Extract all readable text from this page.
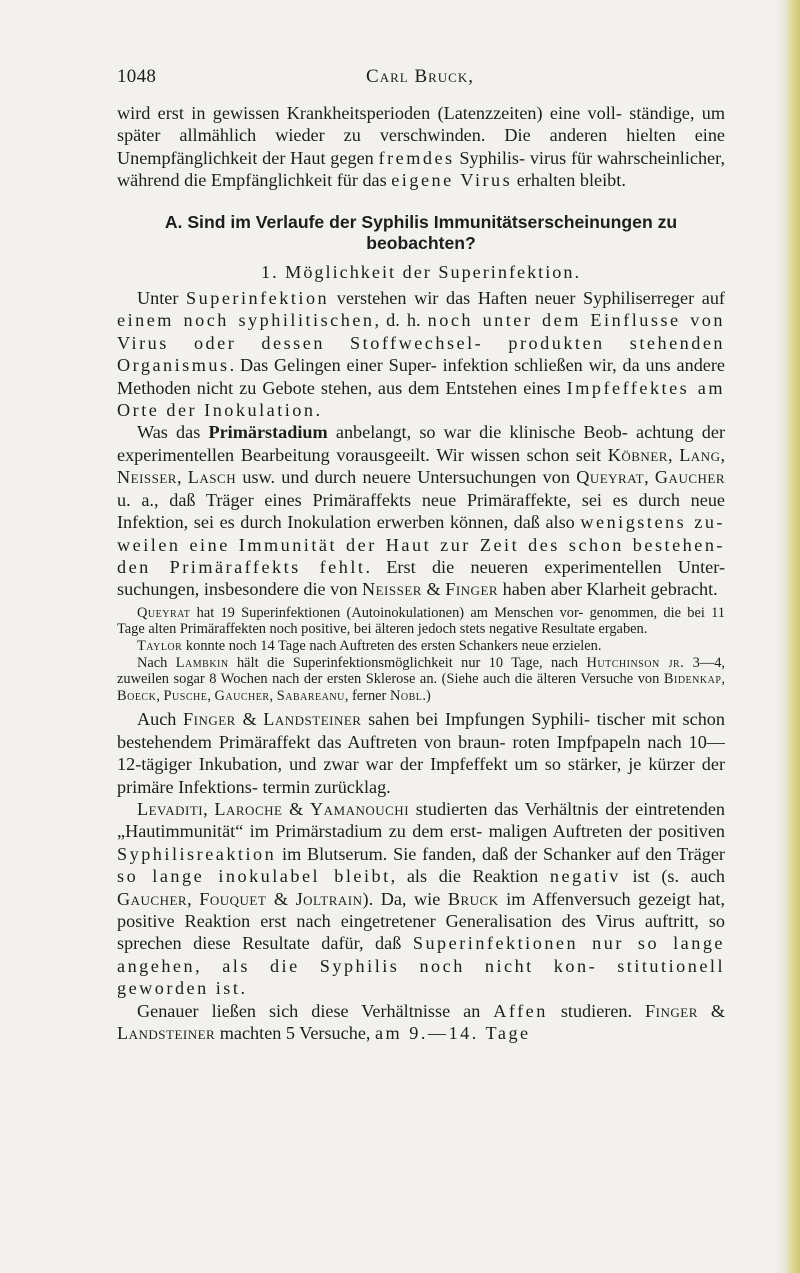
1048	Carl Bruck,

wird erst in gewissen Krankheitsperioden (Latenzzeiten) eine voll- ständige, um später allmählich wieder zu verschwinden. Die anderen hielten eine Unempfänglichkeit der Haut gegen fremdes Syphilis- virus für wahrscheinlicher, während die Empfänglichkeit für das eigene Virus erhalten bleibt.

A. Sind im Verlaufe der Syphilis Immunitätserscheinungen zu beobachten?
1. Möglichkeit der Superinfektion.

Unter Superinfektion verstehen wir das Haften neuer Syphiliserreger auf einem noch syphilitischen, d. h. noch unter dem Einflusse von Virus oder dessen Stoffwechsel- produkten stehenden Organismus. Das Gelingen einer Super- infektion schließen wir, da uns andere Methoden nicht zu Gebote stehen, aus dem Entstehen eines Impfeffektes am Orte der Inokulation.

Was das Primärstadium anbelangt, so war die klinische Beob- achtung der experimentellen Bearbeitung vorausgeeilt. Wir wissen schon seit Köbner, Lang, Neisser, Lasch usw. und durch neuere Untersuchungen von Queyrat, Gaucher u. a., daß Träger eines Primäraffekts neue Primäraffekte, sei es durch neue Infektion, sei es durch Inokulation erwerben können, daß also wenigstens zu- weilen eine Immunität der Haut zur Zeit des schon bestehen- den Primäraffekts fehlt. Erst die neueren experimentellen Unter- suchungen, insbesondere die von Neisser & Finger haben aber Klarheit gebracht.

Queyrat hat 19 Superinfektionen (Autoinokulationen) am Menschen vor- genommen, die bei 11 Tage alten Primäraffekten noch positive, bei älteren jedoch stets negative Resultate ergaben.

Taylor konnte noch 14 Tage nach Auftreten des ersten Schankers neue erzielen.

Nach Lambkin hält die Superinfektionsmöglichkeit nur 10 Tage, nach Hutchinson jr. 3—4, zuweilen sogar 8 Wochen nach der ersten Sklerose an. (Siehe auch die älteren Versuche von Bidenkap, Boeck, Pusche, Gaucher, Sabareanu, ferner Nobl.)

Auch Finger & Landsteiner sahen bei Impfungen Syphili- tischer mit schon bestehendem Primäraffekt das Auftreten von braun- roten Impfpapeln nach 10—12-tägiger Inkubation, und zwar war der Impfeffekt um so stärker, je kürzer der primäre Infektions- termin zurücklag.

Levaditi, Laroche & Yamanouchi studierten das Verhältnis der eintretenden „Hautimmunität“ im Primärstadium zu dem erst- maligen Auftreten der positiven Syphilisreaktion im Blutserum. Sie fanden, daß der Schanker auf den Träger so lange inokulabel bleibt, als die Reaktion negativ ist (s. auch Gaucher, Fouquet & Joltrain). Da, wie Bruck im Affenversuch gezeigt hat, positive Reaktion erst nach eingetretener Generalisation des Virus auftritt, so sprechen diese Resultate dafür, daß Superinfektionen nur so lange angehen, als die Syphilis noch nicht kon- stitutionell geworden ist.

Genauer ließen sich diese Verhältnisse an Affen studieren. Finger & Landsteiner machten 5 Versuche, am 9.—14. Tage
